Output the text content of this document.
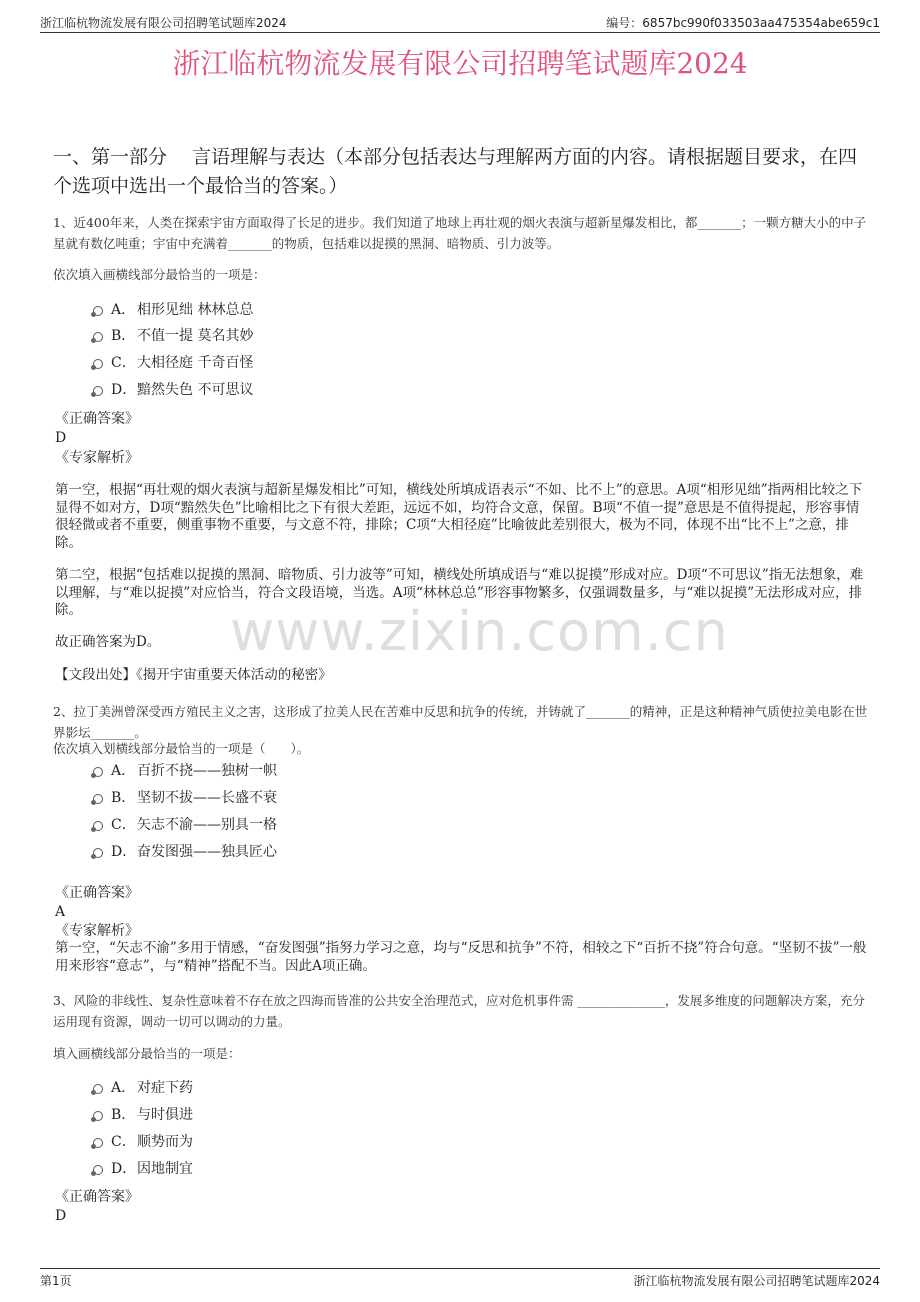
浙江临杭物流发展有限公司招聘笔试题库2024	编号：6857bc990f033503aa475354abe659c1
浙江临杭物流发展有限公司招聘笔试题库2024
一、第一部分　 言语理解与表达（本部分包括表达与理解两方面的内容。请根据题目要求，在四个选项中选出一个最恰当的答案。）
1、近400年来，人类在探索宇宙方面取得了长足的进步。我们知道了地球上再壮观的烟火表演与超新星爆发相比，都_______；一颗方糖大小的中子星就有数亿吨重；宇宙中充满着_______的物质，包括难以捉摸的黑洞、暗物质、引力波等。
依次填入画横线部分最恰当的一项是：
A． 相形见绌 林林总总
B． 不值一提 莫名其妙
C．大相径庭 千奇百怪
D．黯然失色 不可思议
《正确答案》
D
《专家解析》
第一空，根据“再壮观的烟火表演与超新星爆发相比”可知，横线处所填成语表示“不如、比不上”的意思。A项“相形见绌”指两相比较之下显得不如对方，D项“黯然失色”比喻相比之下有很大差距，远远不如，均符合文意，保留。B项“不值一提”意思是不值得提起，形容事情很轻微或者不重要，侧重事物不重要，与文意不符，排除；C项“大相径庭”比喻彼此差别很大，极为不同，体现不出“比不上”之意，排除。
第二空，根据“包括难以捉摸的黑洞、暗物质、引力波等”可知，横线处所填成语与“难以捉摸”形成对应。D项“不可思议”指无法想象，难以理解，与“难以捉摸”对应恰当，符合文段语境，当选。A项“林林总总”形容事物繁多，仅强调数量多，与“难以捉摸”无法形成对应，排除。
故正确答案为D。
【文段出处】《揭开宇宙重要天体活动的秘密》
www.zixin.com.cn
2、拉丁美洲曾深受西方殖民主义之害，这形成了拉美人民在苦难中反思和抗争的传统，并铸就了_______的精神，正是这种精神气质使拉美电影在世界影坛_______。
依次填入划横线部分最恰当的一项是（　　）。
A． 百折不挠——独树一帜
B． 坚韧不拔——长盛不衰
C．矢志不渝——别具一格
D．奋发图强——独具匠心
《正确答案》
A
《专家解析》
第一空，“矢志不渝”多用于情感，“奋发图强”指努力学习之意，均与“反思和抗争”不符，相较之下“百折不挠”符合句意。“坚韧不拔”一般用来形容“意志”，与“精神”搭配不当。因此A项正确。
3、风险的非线性、复杂性意味着不存在放之四海而皆准的公共安全治理范式，应对危机事件需 ______________，发展多维度的问题解决方案，充分运用现有资源，调动一切可以调动的力量。
填入画横线部分最恰当的一项是：
A． 对症下药
B． 与时俱进
C．顺势而为
D．因地制宜
《正确答案》
D
第1页	浙江临杭物流发展有限公司招聘笔试题库2024
